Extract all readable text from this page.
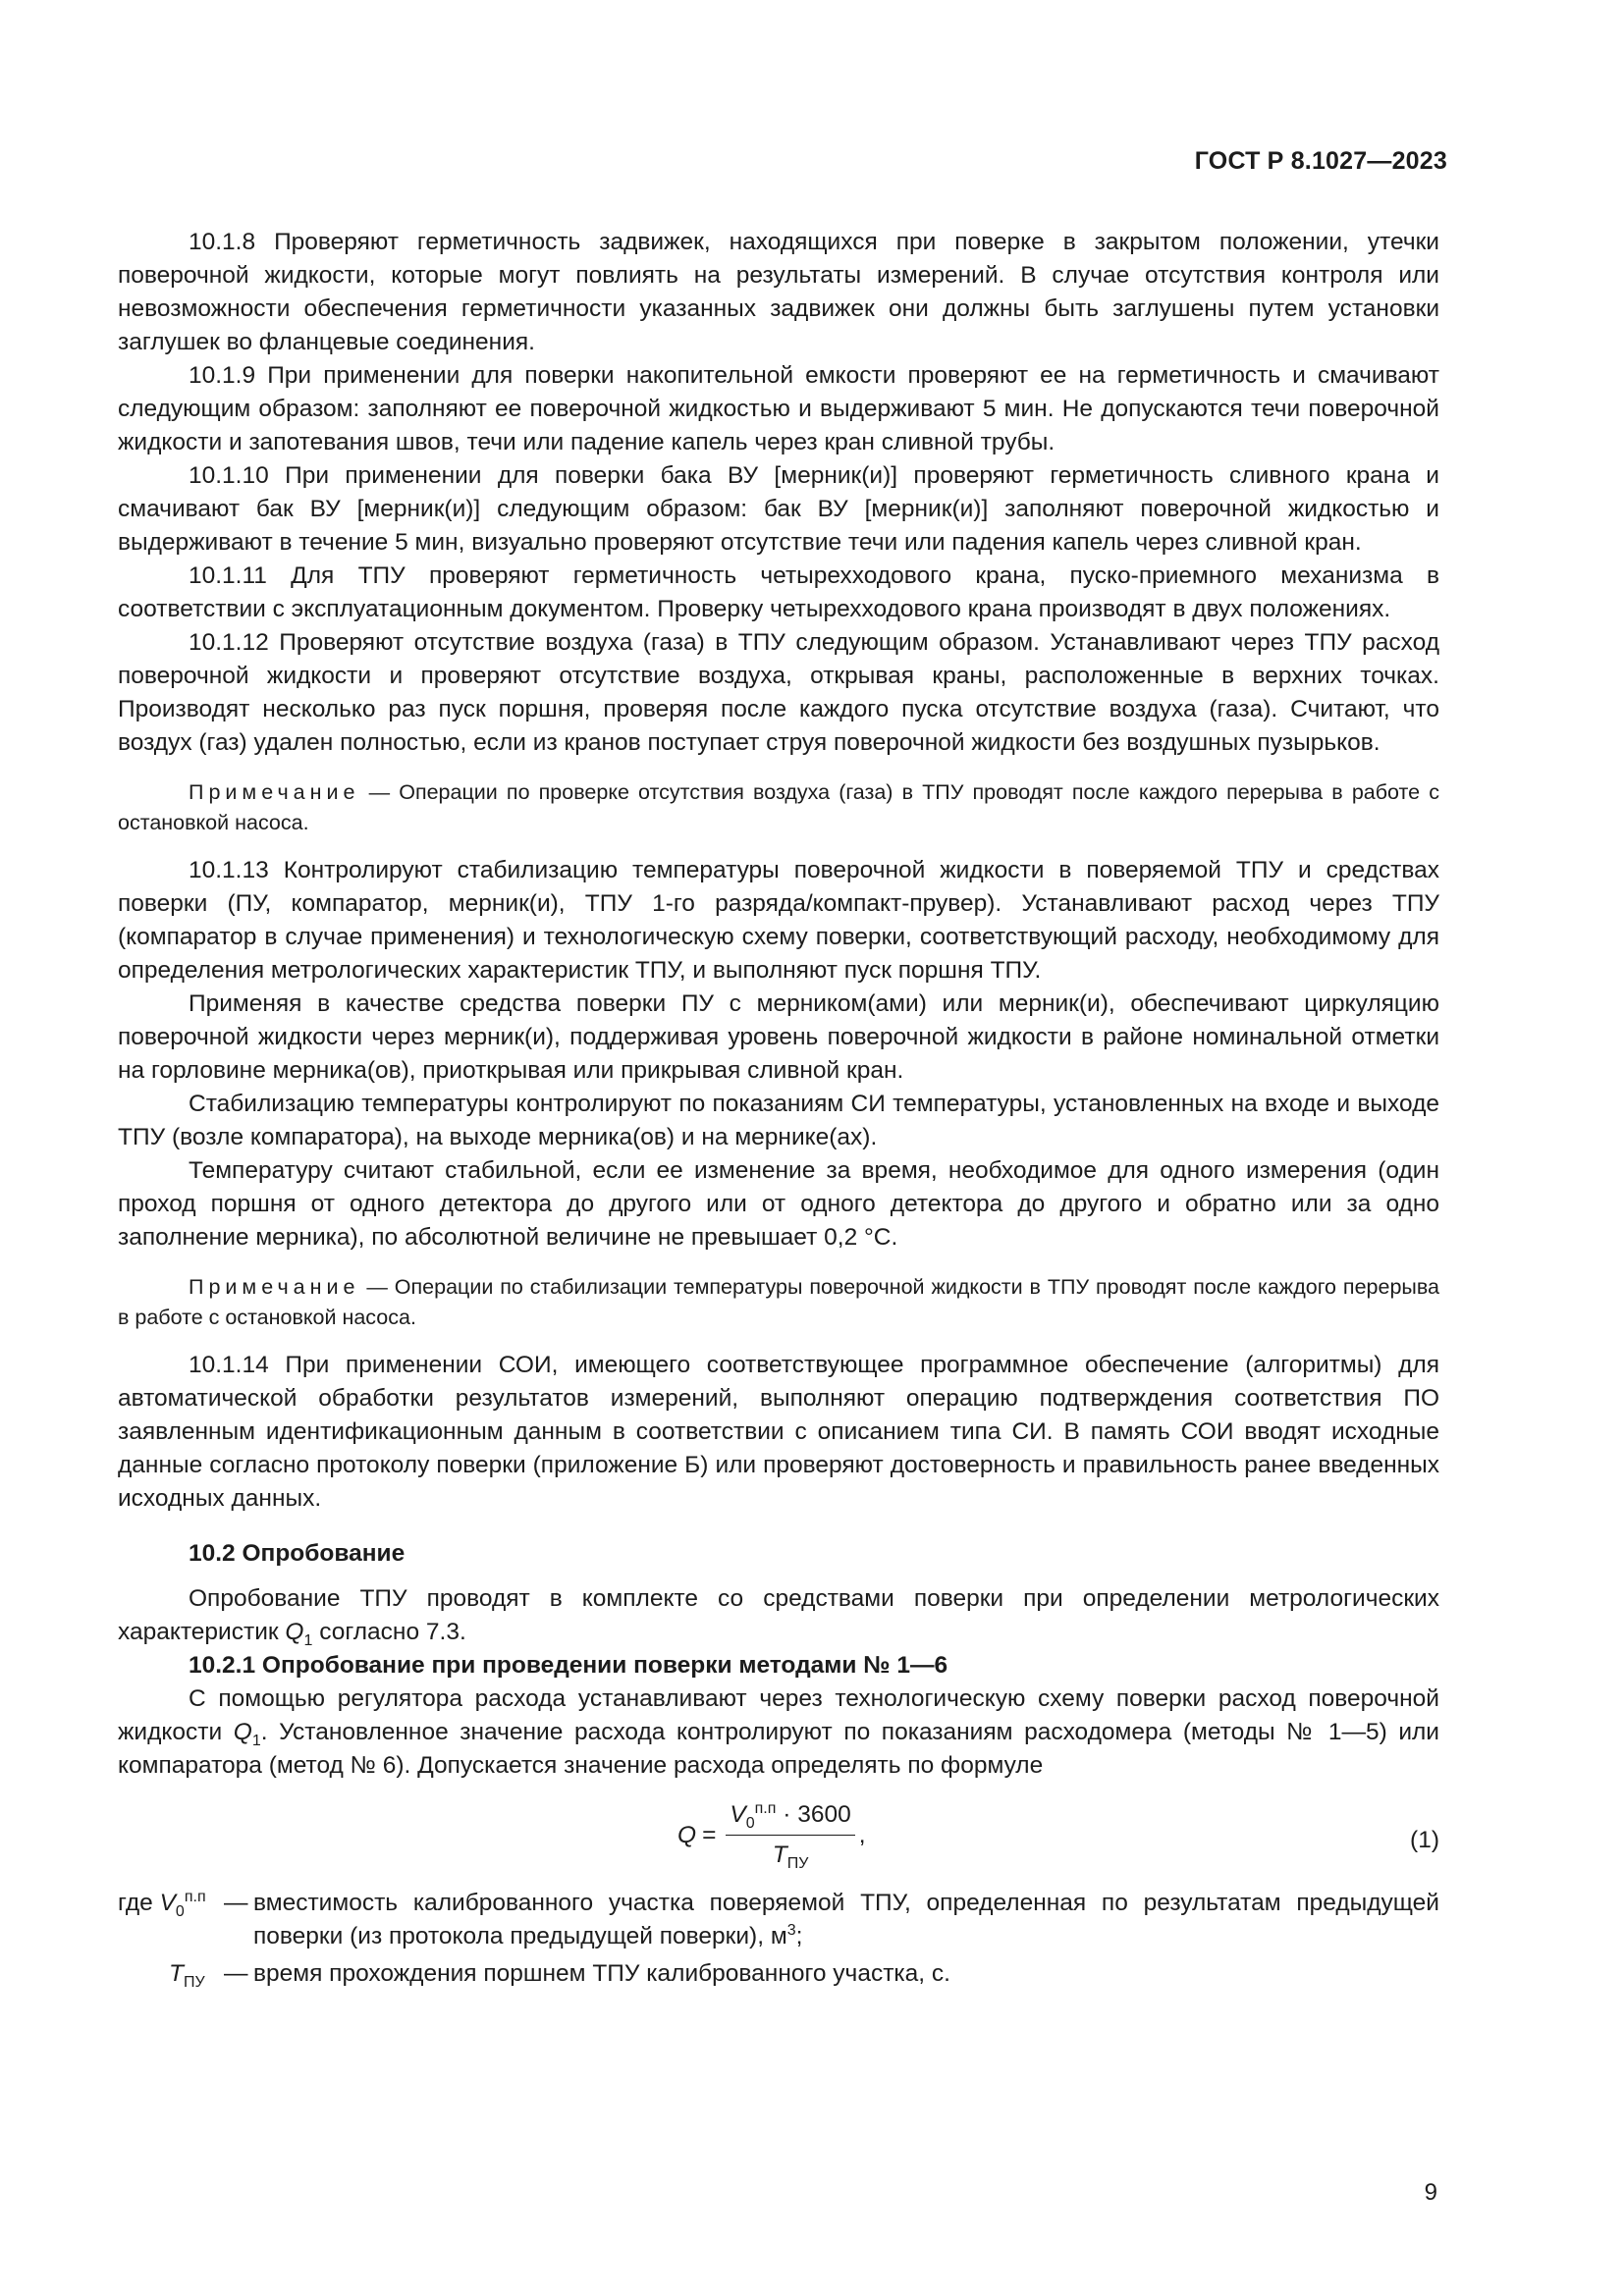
ГОСТ Р 8.1027—2023

10.1.8 Проверяют герметичность задвижек, находящихся при поверке в закрытом положении, утечки поверочной жидкости, которые могут повлиять на результаты измерений. В случае отсутствия контроля или невозможности обеспечения герметичности указанных задвижек они должны быть заглушены путем установки заглушек во фланцевые соединения.

10.1.9 При применении для поверки накопительной емкости проверяют ее на герметичность и смачивают следующим образом: заполняют ее поверочной жидкостью и выдерживают 5 мин. Не допускаются течи поверочной жидкости и запотевания швов, течи или падение капель через кран сливной трубы.

10.1.10 При применении для поверки бака ВУ [мерник(и)] проверяют герметичность сливного крана и смачивают бак ВУ [мерник(и)] следующим образом: бак ВУ [мерник(и)] заполняют поверочной жидкостью и выдерживают в течение 5 мин, визуально проверяют отсутствие течи или падения капель через сливной кран.

10.1.11 Для ТПУ проверяют герметичность четырехходового крана, пуско-приемного механизма в соответствии с эксплуатационным документом. Проверку четырехходового крана производят в двух положениях.

10.1.12 Проверяют отсутствие воздуха (газа) в ТПУ следующим образом. Устанавливают через ТПУ расход поверочной жидкости и проверяют отсутствие воздуха, открывая краны, расположенные в верхних точках. Производят несколько раз пуск поршня, проверяя после каждого пуска отсутствие воздуха (газа). Считают, что воздух (газ) удален полностью, если из кранов поступает струя поверочной жидкости без воздушных пузырьков.

Примечание — Операции по проверке отсутствия воздуха (газа) в ТПУ проводят после каждого перерыва в работе с остановкой насоса.

10.1.13 Контролируют стабилизацию температуры поверочной жидкости в поверяемой ТПУ и средствах поверки (ПУ, компаратор, мерник(и), ТПУ 1-го разряда/компакт-прувер). Устанавливают расход через ТПУ (компаратор в случае применения) и технологическую схему поверки, соответствующий расходу, необходимому для определения метрологических характеристик ТПУ, и выполняют пуск поршня ТПУ.

Применяя в качестве средства поверки ПУ с мерником(ами) или мерник(и), обеспечивают циркуляцию поверочной жидкости через мерник(и), поддерживая уровень поверочной жидкости в районе номинальной отметки на горловине мерника(ов), приоткрывая или прикрывая сливной кран.

Стабилизацию температуры контролируют по показаниям СИ температуры, установленных на входе и выходе ТПУ (возле компаратора), на выходе мерника(ов) и на мернике(ах).

Температуру считают стабильной, если ее изменение за время, необходимое для одного измерения (один проход поршня от одного детектора до другого или от одного детектора до другого и обратно или за одно заполнение мерника), по абсолютной величине не превышает 0,2 °С.

Примечание — Операции по стабилизации температуры поверочной жидкости в ТПУ проводят после каждого перерыва в работе с остановкой насоса.

10.1.14 При применении СОИ, имеющего соответствующее программное обеспечение (алгоритмы) для автоматической обработки результатов измерений, выполняют операцию подтверждения соответствия ПО заявленным идентификационным данным в соответствии с описанием типа СИ. В память СОИ вводят исходные данные согласно протоколу поверки (приложение Б) или проверяют достоверность и правильность ранее введенных исходных данных.

10.2 Опробование

Опробование ТПУ проводят в комплекте со средствами поверки при определении метрологических характеристик $Q_1$ согласно 7.3.

10.2.1 Опробование при проведении поверки методами № 1—6

С помощью регулятора расхода устанавливают через технологическую схему поверки расход поверочной жидкости $Q_1$. Установленное значение расхода контролируют по показаниям расходомера (методы № 1—5) или компаратора (метод № 6). Допускается значение расхода определять по формуле

$Q = \frac{V_0^{п.п} \cdot 3600}{T_{ПУ}}$ ,	(1)
где $V_0^{п.п}$ — вместимость калиброванного участка поверяемой ТПУ, определенная по результатам предыдущей поверки (из протокола предыдущей поверки), $м^3$;
$T_{ПУ}$ — время прохождения поршнем ТПУ калиброванного участка, с.
9
